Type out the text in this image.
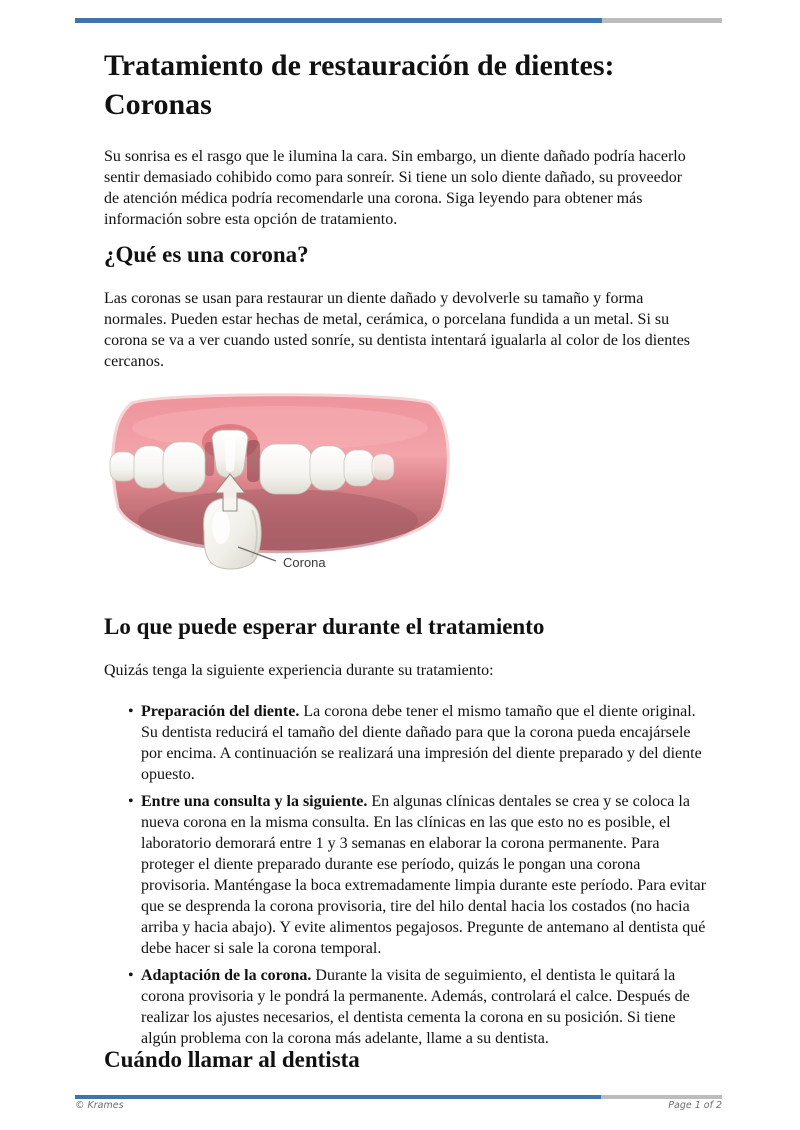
Tratamiento de restauración de dientes: Coronas

Su sonrisa es el rasgo que le ilumina la cara. Sin embargo, un diente dañado podría hacerlo sentir demasiado cohibido como para sonreír. Si tiene un solo diente dañado, su proveedor de atención médica podría recomendarle una corona. Siga leyendo para obtener más información sobre esta opción de tratamiento.

¿Qué es una corona?

Las coronas se usan para restaurar un diente dañado y devolverle su tamaño y forma normales. Pueden estar hechas de metal, cerámica, o porcelana fundida a un metal. Si su corona se va a ver cuando usted sonríe, su dentista intentará igualarla al color de los dientes cercanos.

Corona
Lo que puede esperar durante el tratamiento

Quizás tenga la siguiente experiencia durante su tratamiento:

• Preparación del diente. La corona debe tener el mismo tamaño que el diente original. Su dentista reducirá el tamaño del diente dañado para que la corona pueda encajársele por encima. A continuación se realizará una impresión del diente preparado y del diente opuesto.
• Entre una consulta y la siguiente. En algunas clínicas dentales se crea y se coloca la nueva corona en la misma consulta. En las clínicas en las que esto no es posible, el laboratorio demorará entre 1 y 3 semanas en elaborar la corona permanente. Para proteger el diente preparado durante ese período, quizás le pongan una corona provisoria. Manténgase la boca extremadamente limpia durante este período. Para evitar que se desprenda la corona provisoria, tire del hilo dental hacia los costados (no hacia arriba y hacia abajo). Y evite alimentos pegajosos. Pregunte de antemano al dentista qué debe hacer si sale la corona temporal.
• Adaptación de la corona. Durante la visita de seguimiento, el dentista le quitará la corona provisoria y le pondrá la permanente. Además, controlará el calce. Después de realizar los ajustes necesarios, el dentista cementa la corona en su posición. Si tiene algún problema con la corona más adelante, llame a su dentista.
Cuándo llamar al dentista
© Krames	Page 1 of 2
